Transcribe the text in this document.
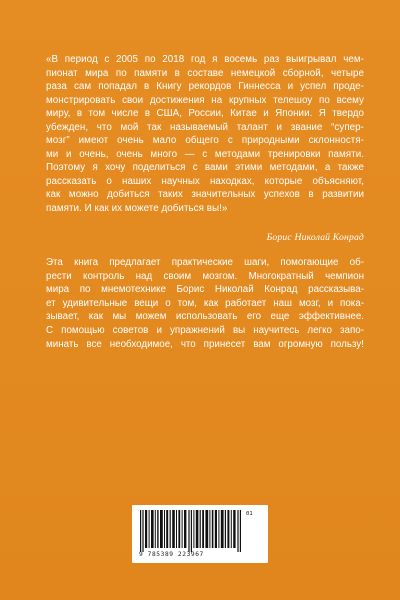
«В период с 2005 по 2018 год я восемь раз выигрывал чем-
пионат мира по памяти в составе немецкой сборной, четыре
раза сам попадал в Книгу рекордов Гиннесса и успел проде-
монстрировать свои достижения на крупных телешоу по всему
миру, в том числе в США, России, Китае и Японии. Я твердо
убежден, что мой так называемый талант и звание “супер-
мозг” имеют очень мало общего с природными склонностя-
ми и очень, очень много — с методами тренировки памяти.
Поэтому я хочу поделиться с вами этими методами, а также
рассказать о наших научных находках, которые объясняют,
как можно добиться таких значительных успехов в развитии
памяти. И как их можете добиться вы!»
Борис Николай Конрад
Эта книга предлагает практические шаги, помогающие об-
рести контроль над своим мозгом. Многократный чемпион
мира по мнемотехнике Борис Николай Конрад рассказыва-
ет удивительные вещи о том, как работает наш мозг, и пока-
зывает, как мы можем использовать его еще эффективнее.
С помощью советов и упражнений вы научитесь легко запо-
минать все необходимое, что принесет вам огромную пользу!
01
9 785389 223967
